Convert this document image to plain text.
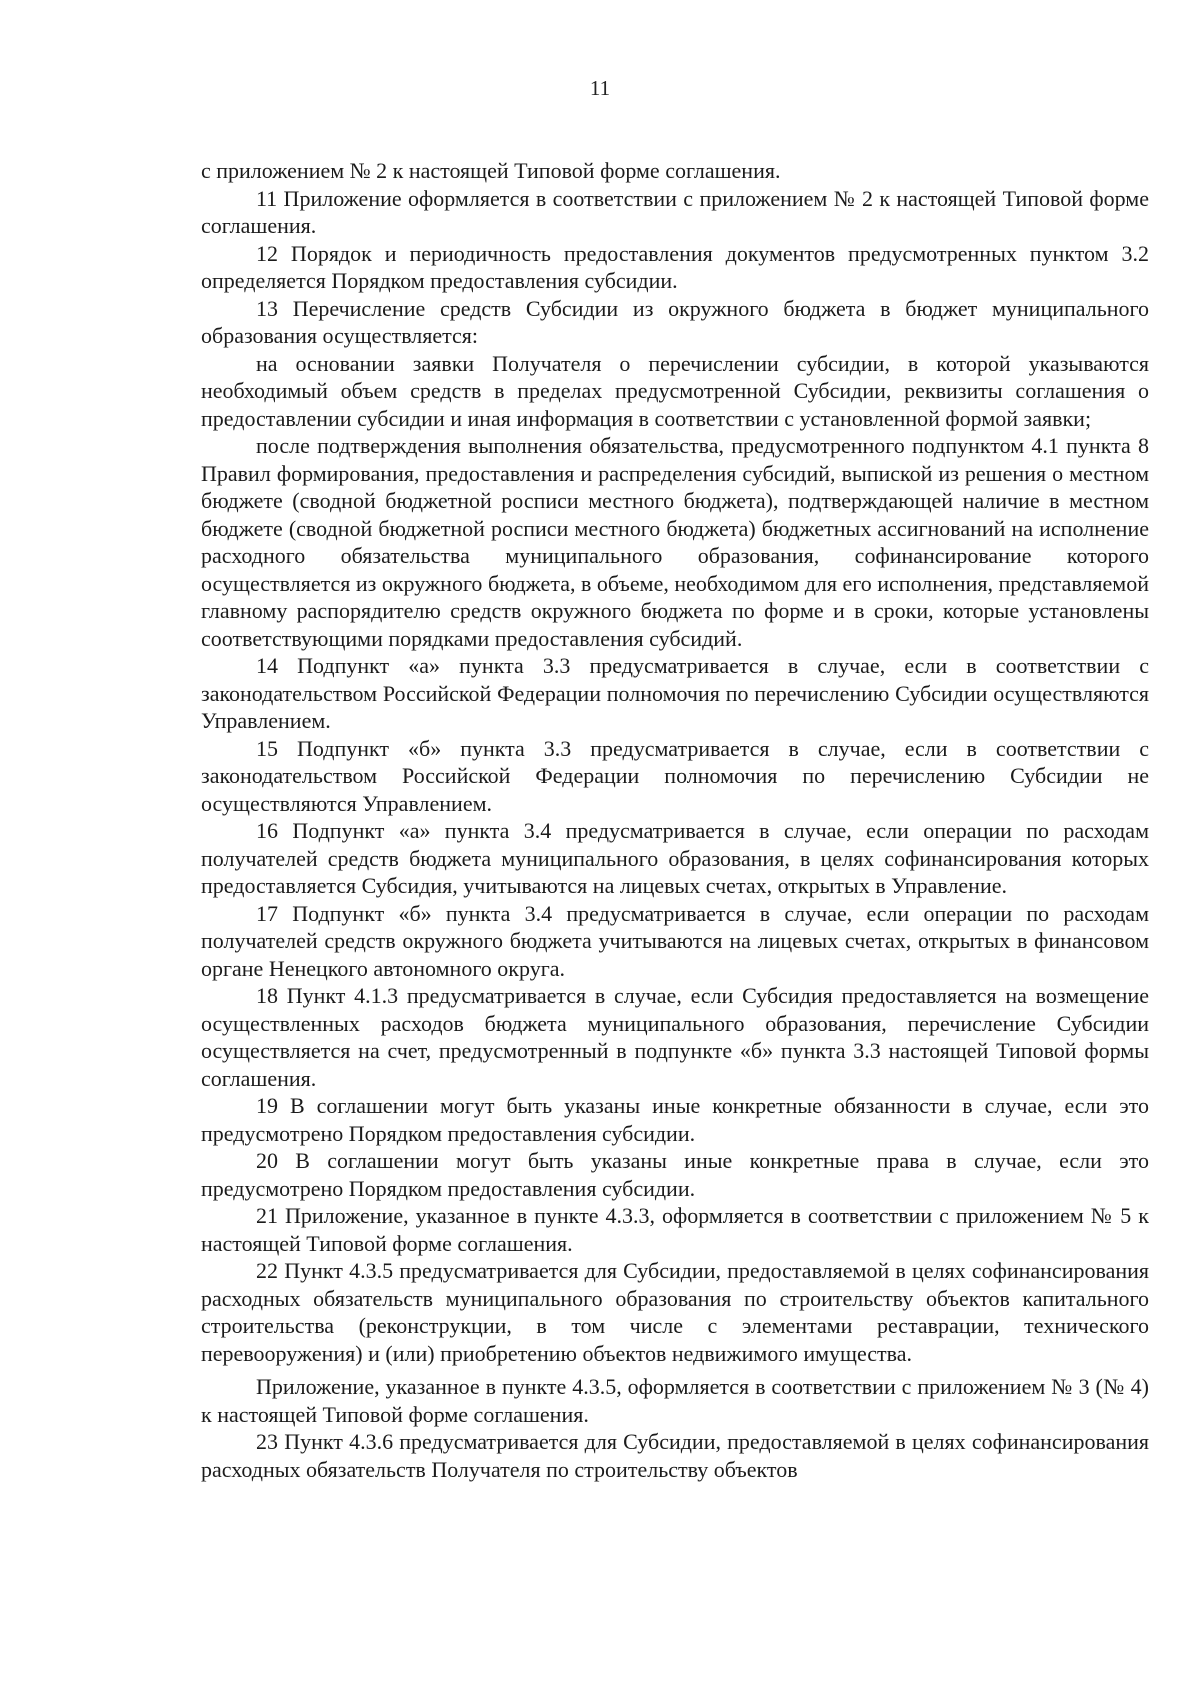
11

с приложением № 2 к настоящей Типовой форме соглашения.

11 Приложение оформляется в соответствии с приложением № 2 к настоящей Типовой форме соглашения.

12 Порядок и периодичность предоставления документов предусмотренных пунктом 3.2 определяется Порядком предоставления субсидии.

13 Перечисление средств Субсидии из окружного бюджета в бюджет муниципального образования осуществляется:

на основании заявки Получателя о перечислении субсидии, в которой указываются необходимый объем средств в пределах предусмотренной Субсидии, реквизиты соглашения о предоставлении субсидии и иная информация в соответствии с установленной формой заявки;

после подтверждения выполнения обязательства, предусмотренного подпунктом 4.1 пункта 8 Правил формирования, предоставления и распределения субсидий, выпиской из решения о местном бюджете (сводной бюджетной росписи местного бюджета), подтверждающей наличие в местном бюджете (сводной бюджетной росписи местного бюджета) бюджетных ассигнований на исполнение расходного обязательства муниципального образования, софинансирование которого осуществляется из окружного бюджета, в объеме, необходимом для его исполнения, представляемой главному распорядителю средств окружного бюджета по форме и в сроки, которые установлены соответствующими порядками предоставления субсидий.

14 Подпункт «а» пункта 3.3 предусматривается в случае, если в соответствии с законодательством Российской Федерации полномочия по перечислению Субсидии осуществляются Управлением.

15 Подпункт «б» пункта 3.3 предусматривается в случае, если в соответствии с законодательством Российской Федерации полномочия по перечислению Субсидии не осуществляются Управлением.

16 Подпункт «а» пункта 3.4 предусматривается в случае, если операции по расходам получателей средств бюджета муниципального образования, в целях софинансирования которых предоставляется Субсидия, учитываются на лицевых счетах, открытых в Управление.

17 Подпункт «б» пункта 3.4 предусматривается в случае, если операции по расходам получателей средств окружного бюджета учитываются на лицевых счетах, открытых в финансовом органе Ненецкого автономного округа.

18 Пункт 4.1.3 предусматривается в случае, если Субсидия предоставляется на возмещение осуществленных расходов бюджета муниципального образования, перечисление Субсидии осуществляется на счет, предусмотренный в подпункте «б» пункта 3.3 настоящей Типовой формы соглашения.

19 В соглашении могут быть указаны иные конкретные обязанности в случае, если это предусмотрено Порядком предоставления субсидии.

20 В соглашении могут быть указаны иные конкретные права в случае, если это предусмотрено Порядком предоставления субсидии.

21 Приложение, указанное в пункте 4.3.3, оформляется в соответствии с приложением № 5 к настоящей Типовой форме соглашения.

22 Пункт 4.3.5 предусматривается для Субсидии, предоставляемой в целях софинансирования расходных обязательств муниципального образования по строительству объектов капитального строительства (реконструкции, в том числе с элементами реставрации, технического перевооружения) и (или) приобретению объектов недвижимого имущества.

Приложение, указанное в пункте 4.3.5, оформляется в соответствии с приложением № 3 (№ 4) к настоящей Типовой форме соглашения.

23 Пункт 4.3.6 предусматривается для Субсидии, предоставляемой в целях софинансирования расходных обязательств Получателя по строительству объектов
